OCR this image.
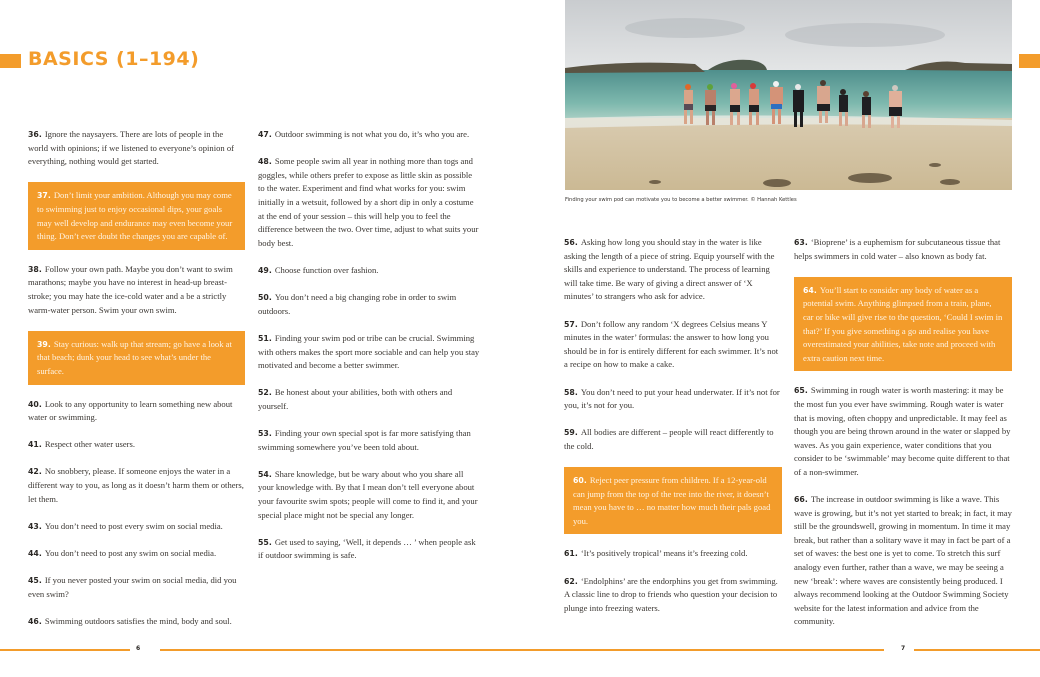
BASICS (1–194)
Finding your swim pod can motivate you to become a better swimmer. © Hannah Kettles

36. Ignore the naysayers. There are lots of people in the world with opinions; if we listened to everyone’s opinion of everything, nothing would get started.

37. Don’t limit your ambition. Although you may come to swimming just to enjoy occasional dips, your goals may well develop and endurance may even become your thing. Don’t ever doubt the changes you are capable of.

38. Follow your own path. Maybe you don’t want to swim marathons; maybe you have no interest in head-up breast-stroke; you may hate the ice-cold water and a be a strictly warm-water person. Swim your own swim.

39. Stay curious: walk up that stream; go have a look at that beach; dunk your head to see what’s under the surface.

40. Look to any opportunity to learn something new about water or swimming.

41. Respect other water users.

42. No snobbery, please. If someone enjoys the water in a different way to you, as long as it doesn’t harm them or others, let them.

43. You don’t need to post every swim on social media.

44. You don’t need to post any swim on social media.

45. If you never posted your swim on social media, did you even swim?

46. Swimming outdoors satisfies the mind, body and soul.

47. Outdoor swimming is not what you do, it’s who you are.

48. Some people swim all year in nothing more than togs and goggles, while others prefer to expose as little skin as possible to the water. Experiment and find what works for you: swim initially in a wetsuit, followed by a short dip in only a costume at the end of your session – this will help you to feel the difference between the two. Over time, adjust to what suits your body best.

49. Choose function over fashion.

50. You don’t need a big changing robe in order to swim outdoors.

51. Finding your swim pod or tribe can be crucial. Swimming with others makes the sport more sociable and can help you stay motivated and become a better swimmer.

52. Be honest about your abilities, both with others and yourself.

53. Finding your own special spot is far more satisfying than swimming somewhere you’ve been told about.

54. Share knowledge, but be wary about who you share all your knowledge with. By that I mean don’t tell everyone about your favourite swim spots; people will come to find it, and your special place might not be special any longer.

55. Get used to saying, ‘Well, it depends … ’ when people ask if outdoor swimming is safe.

56. Asking how long you should stay in the water is like asking the length of a piece of string. Equip yourself with the skills and experience to understand. The process of learning will take time. Be wary of giving a direct answer of ‘X minutes’ to strangers who ask for advice.

57. Don’t follow any random ‘X degrees Celsius means Y minutes in the water’ formulas: the answer to how long you should be in for is entirely different for each swimmer. It’s not a recipe on how to make a cake.

58. You don’t need to put your head underwater. If it’s not for you, it’s not for you.

59. All bodies are different – people will react differently to the cold.

60. Reject peer pressure from children. If a 12-year-old can jump from the top of the tree into the river, it doesn’t mean you have to … no matter how much their pals goad you.

61. ‘It’s positively tropical’ means it’s freezing cold.

62. ‘Endolphins’ are the endorphins you get from swimming. A classic line to drop to friends who question your decision to plunge into freezing waters.

63. ‘Bioprene’ is a euphemism for subcutaneous tissue that helps swimmers in cold water – also known as body fat.

64. You’ll start to consider any body of water as a potential swim. Anything glimpsed from a train, plane, car or bike will give rise to the question, ‘Could I swim in that?’ If you give something a go and realise you have overestimated your abilities, take note and proceed with extra caution next time.

65. Swimming in rough water is worth mastering: it may be the most fun you ever have swimming. Rough water is water that is moving, often choppy and unpredictable. It may feel as though you are being thrown around in the water or slapped by waves. As you gain experience, water conditions that you consider to be ‘swimmable’ may become quite different to that of a non-swimmer.

66. The increase in outdoor swimming is like a wave. This wave is growing, but it’s not yet started to break; in fact, it may still be the groundswell, growing in momentum. In time it may break, but rather than a solitary wave it may in fact be part of a set of waves: the best one is yet to come. To stretch this surf analogy even further, rather than a wave, we may be seeing a new ‘break’: where waves are consistently being produced. I always recommend looking at the Outdoor Swimming Society website for the latest information and advice from the community.

6	7
